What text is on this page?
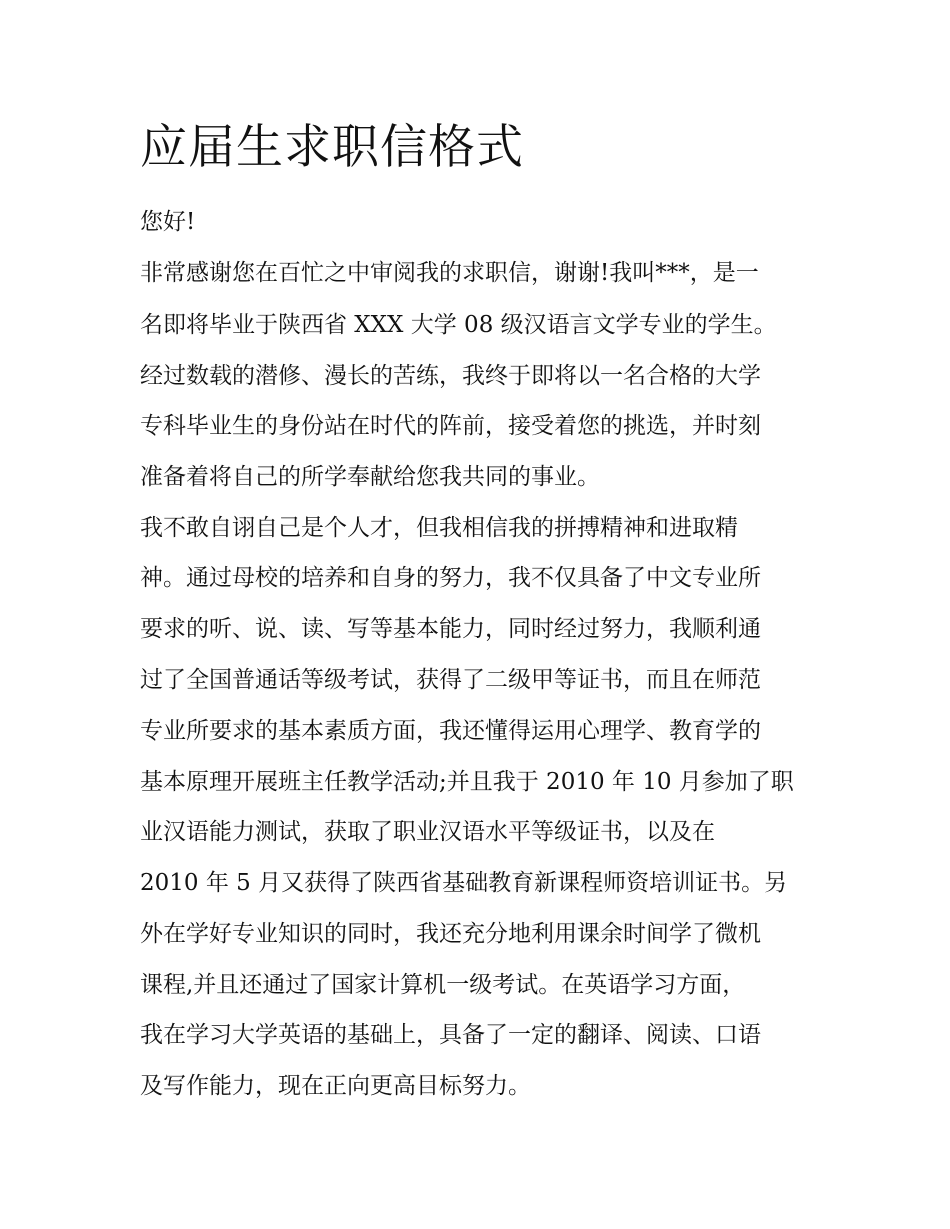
应届生求职信格式

您好!

非常感谢您在百忙之中审阅我的求职信，谢谢!我叫***，是一

名即将毕业于陕西省 XXX 大学 08 级汉语言文学专业的学生。

经过数载的潜修、漫长的苦练，我终于即将以一名合格的大学

专科毕业生的身份站在时代的阵前，接受着您的挑选，并时刻

准备着将自己的所学奉献给您我共同的事业。

我不敢自诩自己是个人才，但我相信我的拼搏精神和进取精

神。通过母校的培养和自身的努力，我不仅具备了中文专业所

要求的听、说、读、写等基本能力，同时经过努力，我顺利通

过了全国普通话等级考试，获得了二级甲等证书，而且在师范

专业所要求的基本素质方面，我还懂得运用心理学、教育学的

基本原理开展班主任教学活动;并且我于 2010 年 10 月参加了职

业汉语能力测试，获取了职业汉语水平等级证书，以及在

2010 年 5 月又获得了陕西省基础教育新课程师资培训证书。另

外在学好专业知识的同时，我还充分地利用课余时间学了微机

课程,并且还通过了国家计算机一级考试。在英语学习方面，

我在学习大学英语的基础上，具备了一定的翻译、阅读、口语

及写作能力，现在正向更高目标努力。
